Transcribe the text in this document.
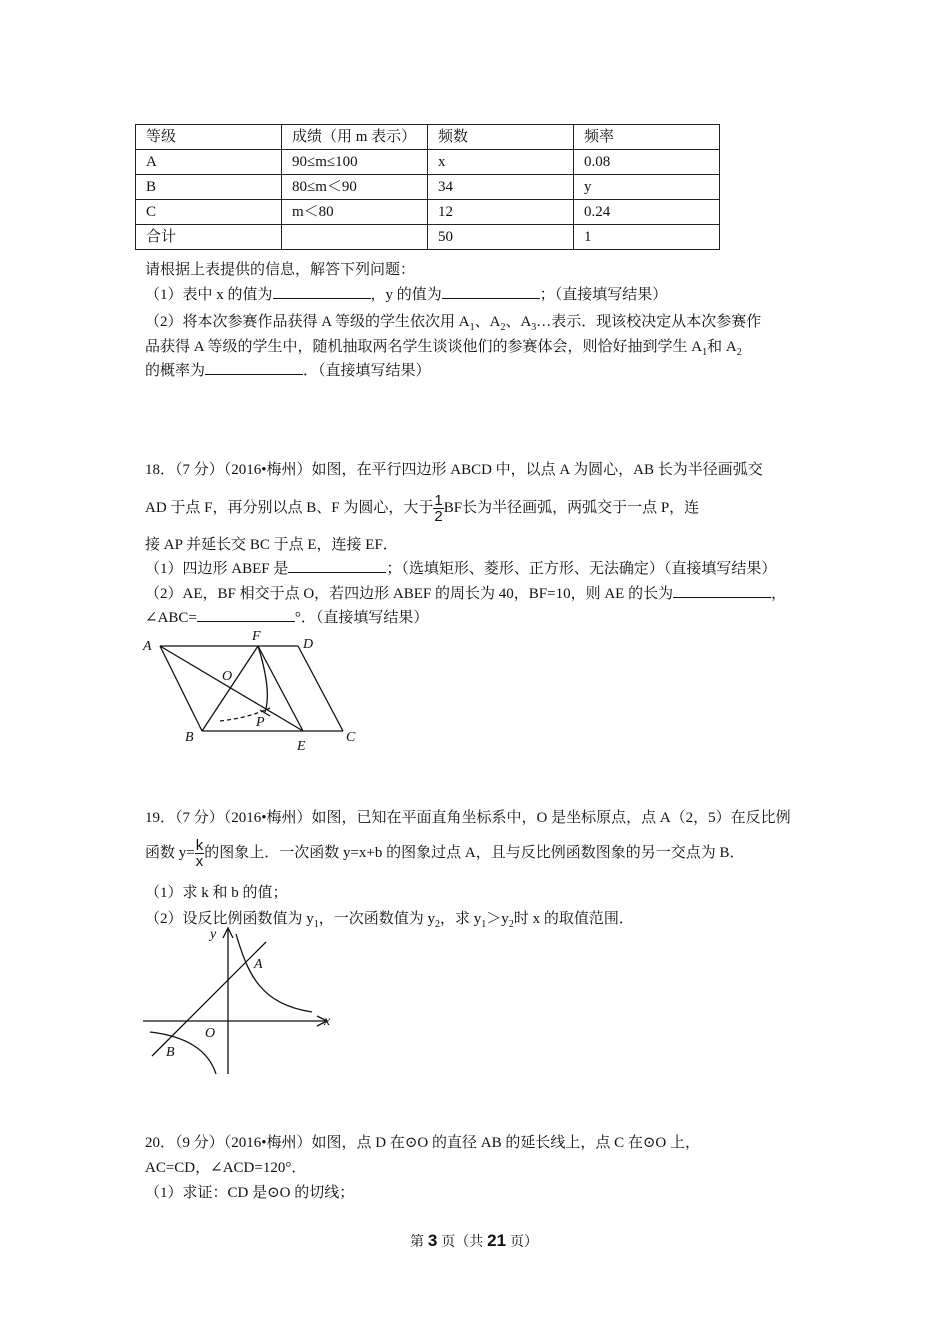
等级	成绩（用 m 表示）	频数	频率
A	90≤m≤100	x	0.08
B	80≤m＜90	34	y
C	m＜80	12	0.24
合计		50	1
请根据上表提供的信息，解答下列问题：
（1）表中 x 的值为	，y 的值为	；（直接填写结果）
（2）将本次参赛作品获得 A 等级的学生依次用 $A_1$、$A_2$、$A_3\dots$表示．现该校决定从本次参赛作
品获得 A 等级的学生中，随机抽取两名学生谈谈他们的参赛体会，则恰好抽到学生 $A_1$和 $A_2$
的概率为	．（直接填写结果）
18．（7 分）（2016•梅州）如图，在平行四边形 ABCD 中，以点 A 为圆心，AB 长为半径画弧交
AD 于点 F，再分别以点 B、F 为圆心，大于 $\frac{1}{2}$ BF长为半径画弧，两弧交于一点 P，连
接 AP 并延长交 BC 于点 E，连接 EF．
（1）四边形 ABEF 是	；（选填矩形、菱形、正方形、无法确定）（直接填写结果）
（2）AE，BF 相交于点 O，若四边形 ABEF 的周长为 40，BF=10，则 AE 的长为	，
∠ABC=	°．（直接填写结果）
A
F
D
O
P
B
E
C
19．（7 分）（2016•梅州）如图，已知在平面直角坐标系中，O 是坐标原点，点 A（2，5）在反比例
函数 $y= \frac{k}{x}$ 的图象上．一次函数 y=x+b 的图象过点 A，且与反比例函数图象的另一交点为 B．
（1）求 k 和 b 的值；
（2）设反比例函数值为 $y_1$，一次函数值为 $y_2$，求 $y_1>y_2$时 x 的取值范围．
y
A
O
x
B
20．（9 分）（2016•梅州）如图，点 D 在⊙O 的直径 AB 的延长线上，点 C 在⊙O 上，
AC=CD，∠ACD=120°．
（1）求证：CD 是⊙O 的切线；
第 3 页（共 21 页）
